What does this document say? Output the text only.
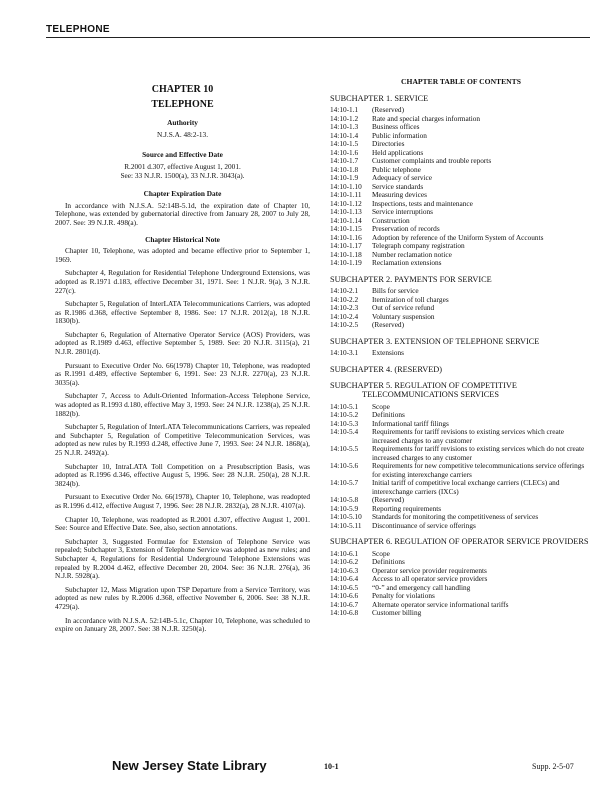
TELEPHONE
CHAPTER 10
TELEPHONE
Authority
N.J.S.A. 48:2-13.
Source and Effective Date
R.2001 d.307, effective August 1, 2001.
See: 33 N.J.R. 1500(a), 33 N.J.R. 3043(a).
Chapter Expiration Date

In accordance with N.J.S.A. 52:14B-5.1d, the expiration date of Chapter 10, Telephone, was extended by gubernatorial directive from January 28, 2007 to July 28, 2007. See: 39 N.J.R. 498(a).

Chapter Historical Note

Chapter 10, Telephone, was adopted and became effective prior to September 1, 1969.

Subchapter 4, Regulation for Residential Telephone Underground Extensions, was adopted as R.1971 d.183, effective December 31, 1971. See: 1 N.J.R. 9(a), 3 N.J.R. 227(c).

Subchapter 5, Regulation of InterLATA Telecommunications Carriers, was adopted as R.1986 d.368, effective September 8, 1986. See: 17 N.J.R. 2012(a), 18 N.J.R. 1830(b).

Subchapter 6, Regulation of Alternative Operator Service (AOS) Providers, was adopted as R.1989 d.463, effective September 5, 1989. See: 20 N.J.R. 3115(a), 21 N.J.R. 2801(d).

Pursuant to Executive Order No. 66(1978) Chapter 10, Telephone, was readopted as R.1991 d.489, effective September 6, 1991. See: 23 N.J.R. 2270(a), 23 N.J.R. 3035(a).

Subchapter 7, Access to Adult-Oriented Information-Access Telephone Service, was adopted as R.1993 d.180, effective May 3, 1993. See: 24 N.J.R. 1238(a), 25 N.J.R. 1882(b).

Subchapter 5, Regulation of InterLATA Telecommunications Carriers, was repealed and Subchapter 5, Regulation of Competitive Telecommunication Services, was adopted as new rules by R.1993 d.248, effective June 7, 1993. See: 24 N.J.R. 1868(a), 25 N.J.R. 2492(a).

Subchapter 10, IntraLATA Toll Competition on a Presubscription Basis, was adopted as R.1996 d.346, effective August 5, 1996. See: 28 N.J.R. 250(a), 28 N.J.R. 3824(b).

Pursuant to Executive Order No. 66(1978), Chapter 10, Telephone, was readopted as R.1996 d.412, effective August 7, 1996. See: 28 N.J.R. 2832(a), 28 N.J.R. 4107(a).

Chapter 10, Telephone, was readopted as R.2001 d.307, effective August 1, 2001. See: Source and Effective Date. See, also, section annotations.

Subchapter 3, Suggested Formulae for Extension of Telephone Service was repealed; Subchapter 3, Extension of Telephone Service was adopted as new rules; and Subchapter 4, Regulations for Residential Underground Telephone Extensions was repealed by R.2004 d.462, effective December 20, 2004. See: 36 N.J.R. 276(a), 36 N.J.R. 5928(a).

Subchapter 12, Mass Migration upon TSP Departure from a Service Territory, was adopted as new rules by R.2006 d.368, effective November 6, 2006. See: 38 N.J.R. 4729(a).

In accordance with N.J.S.A. 52:14B-5.1c, Chapter 10, Telephone, was scheduled to expire on January 28, 2007. See: 38 N.J.R. 3250(a).

CHAPTER TABLE OF CONTENTS
SUBCHAPTER 1. SERVICE
14:10-1.1	(Reserved)
14:10-1.2	Rate and special charges information
14:10-1.3	Business offices
14:10-1.4	Public information
14:10-1.5	Directories
14:10-1.6	Held applications
14:10-1.7	Customer complaints and trouble reports
14:10-1.8	Public telephone
14:10-1.9	Adequacy of service
14:10-1.10	Service standards
14:10-1.11	Measuring devices
14:10-1.12	Inspections, tests and maintenance
14:10-1.13	Service interruptions
14:10-1.14	Construction
14:10-1.15	Preservation of records
14:10-1.16	Adoption by reference of the Uniform System of Accounts
14:10-1.17	Telegraph company registration
14:10-1.18	Number reclamation notice
14:10-1.19	Reclamation extensions
SUBCHAPTER 2. PAYMENTS FOR SERVICE
14:10-2.1	Bills for service
14:10-2.2	Itemization of toll charges
14:10-2.3	Out of service refund
14:10-2.4	Voluntary suspension
14:10-2.5	(Reserved)
SUBCHAPTER 3. EXTENSION OF TELEPHONE SERVICE
14:10-3.1	Extensions
SUBCHAPTER 4. (RESERVED)
SUBCHAPTER 5. REGULATION OF COMPETITIVE TELECOMMUNICATIONS SERVICES
14:10-5.1	Scope
14:10-5.2	Definitions
14:10-5.3	Informational tariff filings
14:10-5.4	Requirements for tariff revisions to existing services which create increased charges to any customer
14:10-5.5	Requirements for tariff revisions to existing services which do not create increased charges to any customer
14:10-5.6	Requirements for new competitive telecommunications service offerings for existing interexchange carriers
14:10-5.7	Initial tariff of competitive local exchange carriers (CLECs) and interexchange carriers (IXCs)
14:10-5.8	(Reserved)
14:10-5.9	Reporting requirements
14:10-5.10	Standards for monitoring the competitiveness of services
14:10-5.11	Discontinuance of service offerings
SUBCHAPTER 6. REGULATION OF OPERATOR SERVICE PROVIDERS
14:10-6.1	Scope
14:10-6.2	Definitions
14:10-6.3	Operator service provider requirements
14:10-6.4	Access to all operator service providers
14:10-6.5	“0-” and emergency call handling
14:10-6.6	Penalty for violations
14:10-6.7	Alternate operator service informational tariffs
14:10-6.8	Customer billing
New Jersey State Library	10-1	Supp. 2-5-07
